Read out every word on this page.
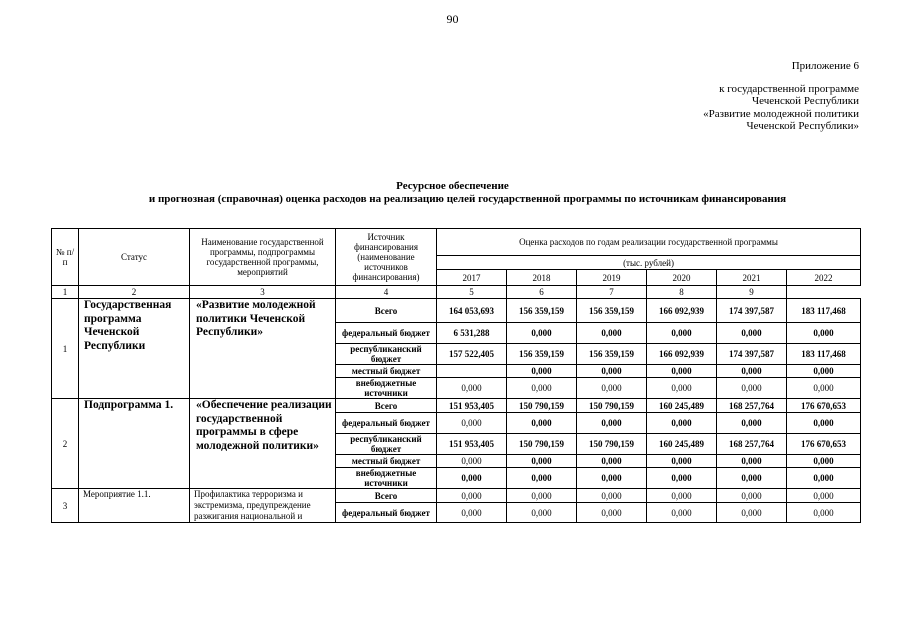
90
Приложение 6
к государственной программе
Чеченской Республики
«Развитие молодежной политики
Чеченской Республики»
Ресурсное обеспечение
и прогнозная (справочная) оценка расходов на реализацию целей государственной программы по источникам финансирования
№ п/п	Статус	Наименование государственной программы, подпрограммы государственной программы, мероприятий	Источник финансирования (наименование источников финансирования)	Оценка расходов по годам реализации государственной программы					
				(тыс. рублей)					
				2017	2018	2019	2020	2021	2022
1	2	3	4	5	6	7	8	9	
1	Государственная программа Чеченской Республики	«Развитие молодежной политики Чеченской Республики»	Всего	164 053,693	156 359,159	156 359,159	166 092,939	174 397,587	183 117,468
			федеральный бюджет	6 531,288	0,000	0,000	0,000	0,000	0,000
			республиканский бюджет	157 522,405	156 359,159	156 359,159	166 092,939	174 397,587	183 117,468
			местный бюджет		0,000	0,000	0,000	0,000	0,000
			внебюджетные источники	0,000	0,000	0,000	0,000	0,000	0,000
2	Подпрограмма 1.	«Обеспечение реализации государственной программы в сфере молодежной политики»	Всего	151 953,405	150 790,159	150 790,159	160 245,489	168 257,764	176 670,653
			федеральный бюджет	0,000	0,000	0,000	0,000	0,000	0,000
			республиканский бюджет	151 953,405	150 790,159	150 790,159	160 245,489	168 257,764	176 670,653
			местный бюджет	0,000	0,000	0,000	0,000	0,000	0,000
			внебюджетные источники	0,000	0,000	0,000	0,000	0,000	0,000
3	Мероприятие 1.1.	Профилактика терроризма и экстремизма, предупреждение разжигания национальной и	Всего	0,000	0,000	0,000	0,000	0,000	0,000
			федеральный бюджет	0,000	0,000	0,000	0,000	0,000	0,000
